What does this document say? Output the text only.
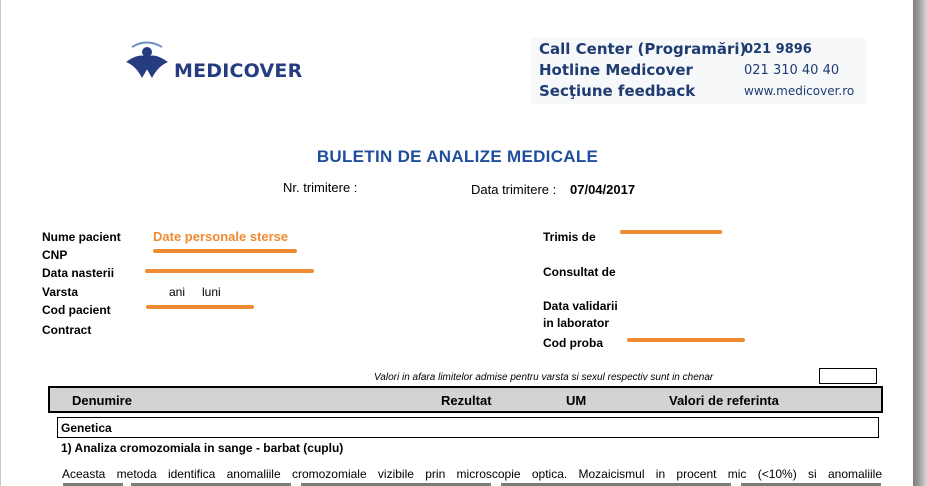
MEDICOVER
Call Center (Programări)
021 9896
Hotline Medicover	021 310 40 40
Secţiune feedback	www.medicover.ro
BULETIN DE ANALIZE MEDICALE
Nr. trimitere :	Data trimitere : 07/04/2017
Nume pacient Date personale sterse
CNP
Data nasterii
Varsta	ani luni
Cod pacient
Contract
Trimis de
Consultat de
Data validarii
in laborator
Cod proba
Valori in afara limitelor admise pentru varsta si sexul respectiv sunt in chenar
Denumire	Rezultat	UM	Valori de referinta
Genetica
1) Analiza cromozomiala in sange - barbat (cuplu)
Aceasta metoda identifica anomaliile cromozomiale vizibile prin microscopie optica. Mozaicismul in procent mic (<10%) si anomaliile
